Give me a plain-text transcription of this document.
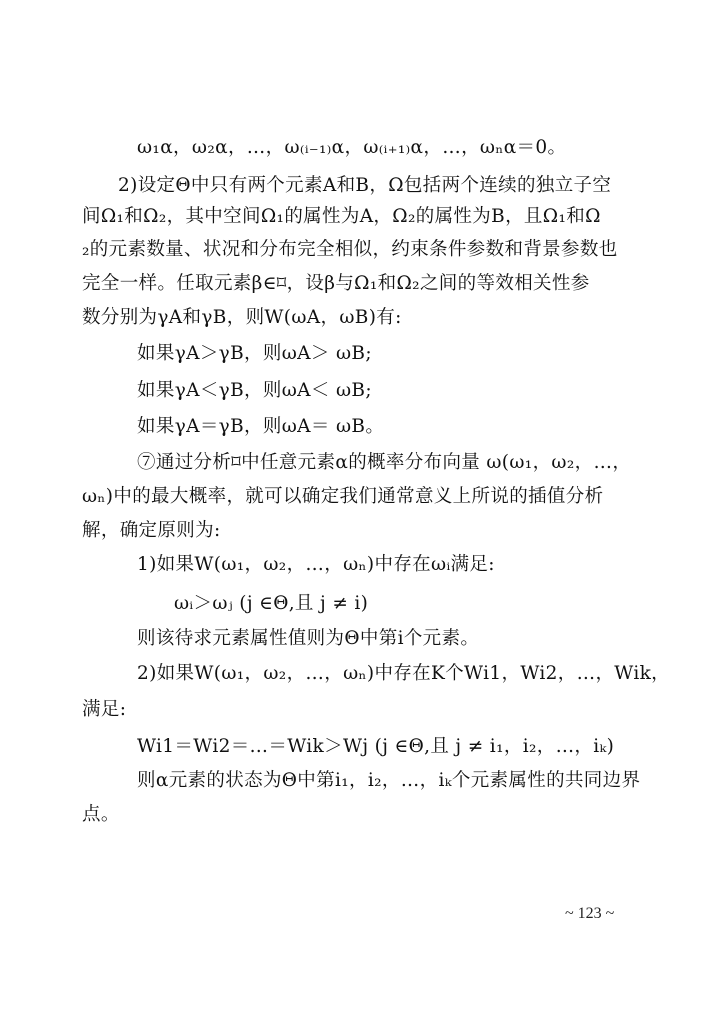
ω₁α，ω₂α，…，ω₍ᵢ₋₁₎α，ω₍ᵢ₊₁₎α，…，ωₙα＝0。
2)设定Θ中只有两个元素A和B，Ω包括两个连续的独立子空
间Ω₁和Ω₂，其中空间Ω₁的属性为A，Ω₂的属性为B，且Ω₁和Ω
₂的元素数量、状况和分布完全相似，约束条件参数和背景参数也
完全一样。任取元素β∈⌑，设β与Ω₁和Ω₂之间的等效相关性参
数分别为γA和γB，则W(ωA，ωB)有:
如果γA＞γB，则ωA＞ ωB;
如果γA＜γB，则ωA＜ ωB;
如果γA＝γB，则ωA＝ ωB。
⑦通过分析⌑中任意元素α的概率分布向量 ω(ω₁，ω₂，…，
ωₙ)中的最大概率，就可以确定我们通常意义上所说的插值分析
解，确定原则为:
1)如果W(ω₁，ω₂，…，ωₙ)中存在ωᵢ满足:
ωᵢ＞ωⱼ (j ∈Θ,且 j ≠ i)
则该待求元素属性值则为Θ中第i个元素。
2)如果W(ω₁，ω₂，…，ωₙ)中存在K个Wi1，Wi2，…，Wik，
满足:
Wi1＝Wi2＝…＝Wik＞Wj (j ∈Θ,且 j ≠ i₁，i₂，…，iₖ)
则α元素的状态为Θ中第i₁，i₂，…，iₖ个元素属性的共同边界
点。
~ 123 ~
